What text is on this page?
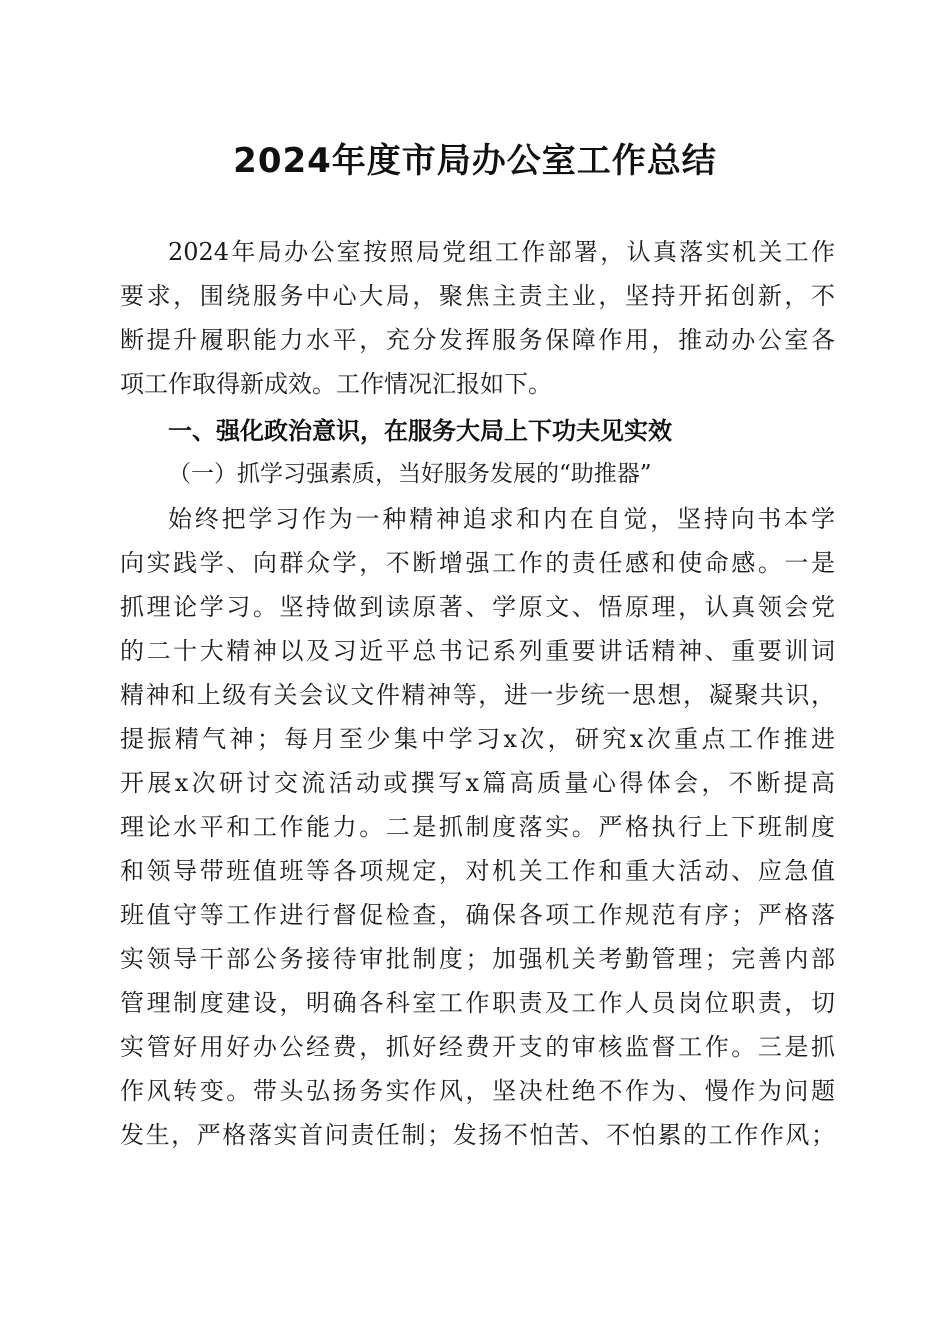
2024年度市局办公室工作总结
2024年局办公室按照局党组工作部署，认真落实机关工作
要求，围绕服务中心大局，聚焦主责主业，坚持开拓创新，不
断提升履职能力水平，充分发挥服务保障作用，推动办公室各
项工作取得新成效。工作情况汇报如下。
一、强化政治意识，在服务大局上下功夫见实效
（一）抓学习强素质，当好服务发展的“助推器”
始终把学习作为一种精神追求和内在自觉，坚持向书本学
向实践学、向群众学，不断增强工作的责任感和使命感。一是
抓理论学习。坚持做到读原著、学原文、悟原理，认真领会党
的二十大精神以及习近平总书记系列重要讲话精神、重要训词
精神和上级有关会议文件精神等，进一步统一思想，凝聚共识，
提振精气神；每月至少集中学习x次，研究x次重点工作推进
开展x次研讨交流活动或撰写x篇高质量心得体会，不断提高
理论水平和工作能力。二是抓制度落实。严格执行上下班制度
和领导带班值班等各项规定，对机关工作和重大活动、应急值
班值守等工作进行督促检查，确保各项工作规范有序；严格落
实领导干部公务接待审批制度；加强机关考勤管理；完善内部
管理制度建设，明确各科室工作职责及工作人员岗位职责，切
实管好用好办公经费，抓好经费开支的审核监督工作。三是抓
作风转变。带头弘扬务实作风，坚决杜绝不作为、慢作为问题
发生，严格落实首问责任制；发扬不怕苦、不怕累的工作作风；
